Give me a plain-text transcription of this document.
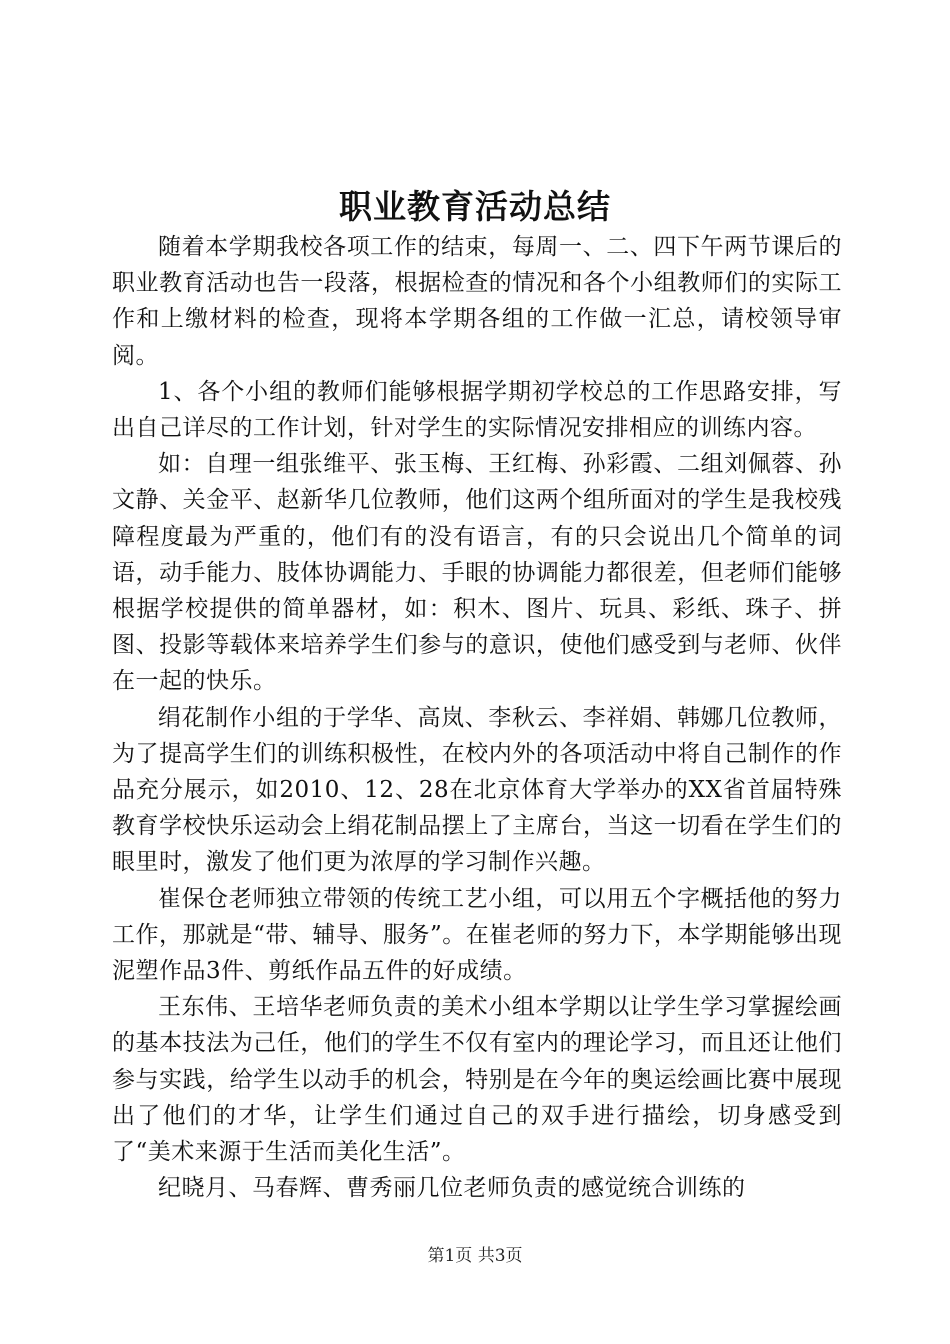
职业教育活动总结

随着本学期我校各项工作的结束，每周一、二、四下午两节课后的职业教育活动也告一段落，根据检查的情况和各个小组教师们的实际工作和上缴材料的检查，现将本学期各组的工作做一汇总，请校领导审阅。

1、各个小组的教师们能够根据学期初学校总的工作思路安排，写出自己详尽的工作计划，针对学生的实际情况安排相应的训练内容。

如：自理一组张维平、张玉梅、王红梅、孙彩霞、二组刘佩蓉、孙文静、关金平、赵新华几位教师，他们这两个组所面对的学生是我校残障程度最为严重的，他们有的没有语言，有的只会说出几个简单的词语，动手能力、肢体协调能力、手眼的协调能力都很差，但老师们能够根据学校提供的简单器材，如：积木、图片、玩具、彩纸、珠子、拼图、投影等载体来培养学生们参与的意识，使他们感受到与老师、伙伴在一起的快乐。

绢花制作小组的于学华、高岚、李秋云、李祥娟、韩娜几位教师，为了提高学生们的训练积极性，在校内外的各项活动中将自己制作的作品充分展示，如2010、12、28在北京体育大学举办的XX省首届特殊教育学校快乐运动会上绢花制品摆上了主席台，当这一切看在学生们的眼里时，激发了他们更为浓厚的学习制作兴趣。

崔保仓老师独立带领的传统工艺小组，可以用五个字概括他的努力工作，那就是“带、辅导、服务”。在崔老师的努力下，本学期能够出现泥塑作品3件、剪纸作品五件的好成绩。

王东伟、王培华老师负责的美术小组本学期以让学生学习掌握绘画的基本技法为己任，他们的学生不仅有室内的理论学习，而且还让他们参与实践，给学生以动手的机会，特别是在今年的奥运绘画比赛中展现出了他们的才华，让学生们通过自己的双手进行描绘，切身感受到了“美术来源于生活而美化生活”。

纪晓月、马春辉、曹秀丽几位老师负责的感觉统合训练的

第1页 共3页
